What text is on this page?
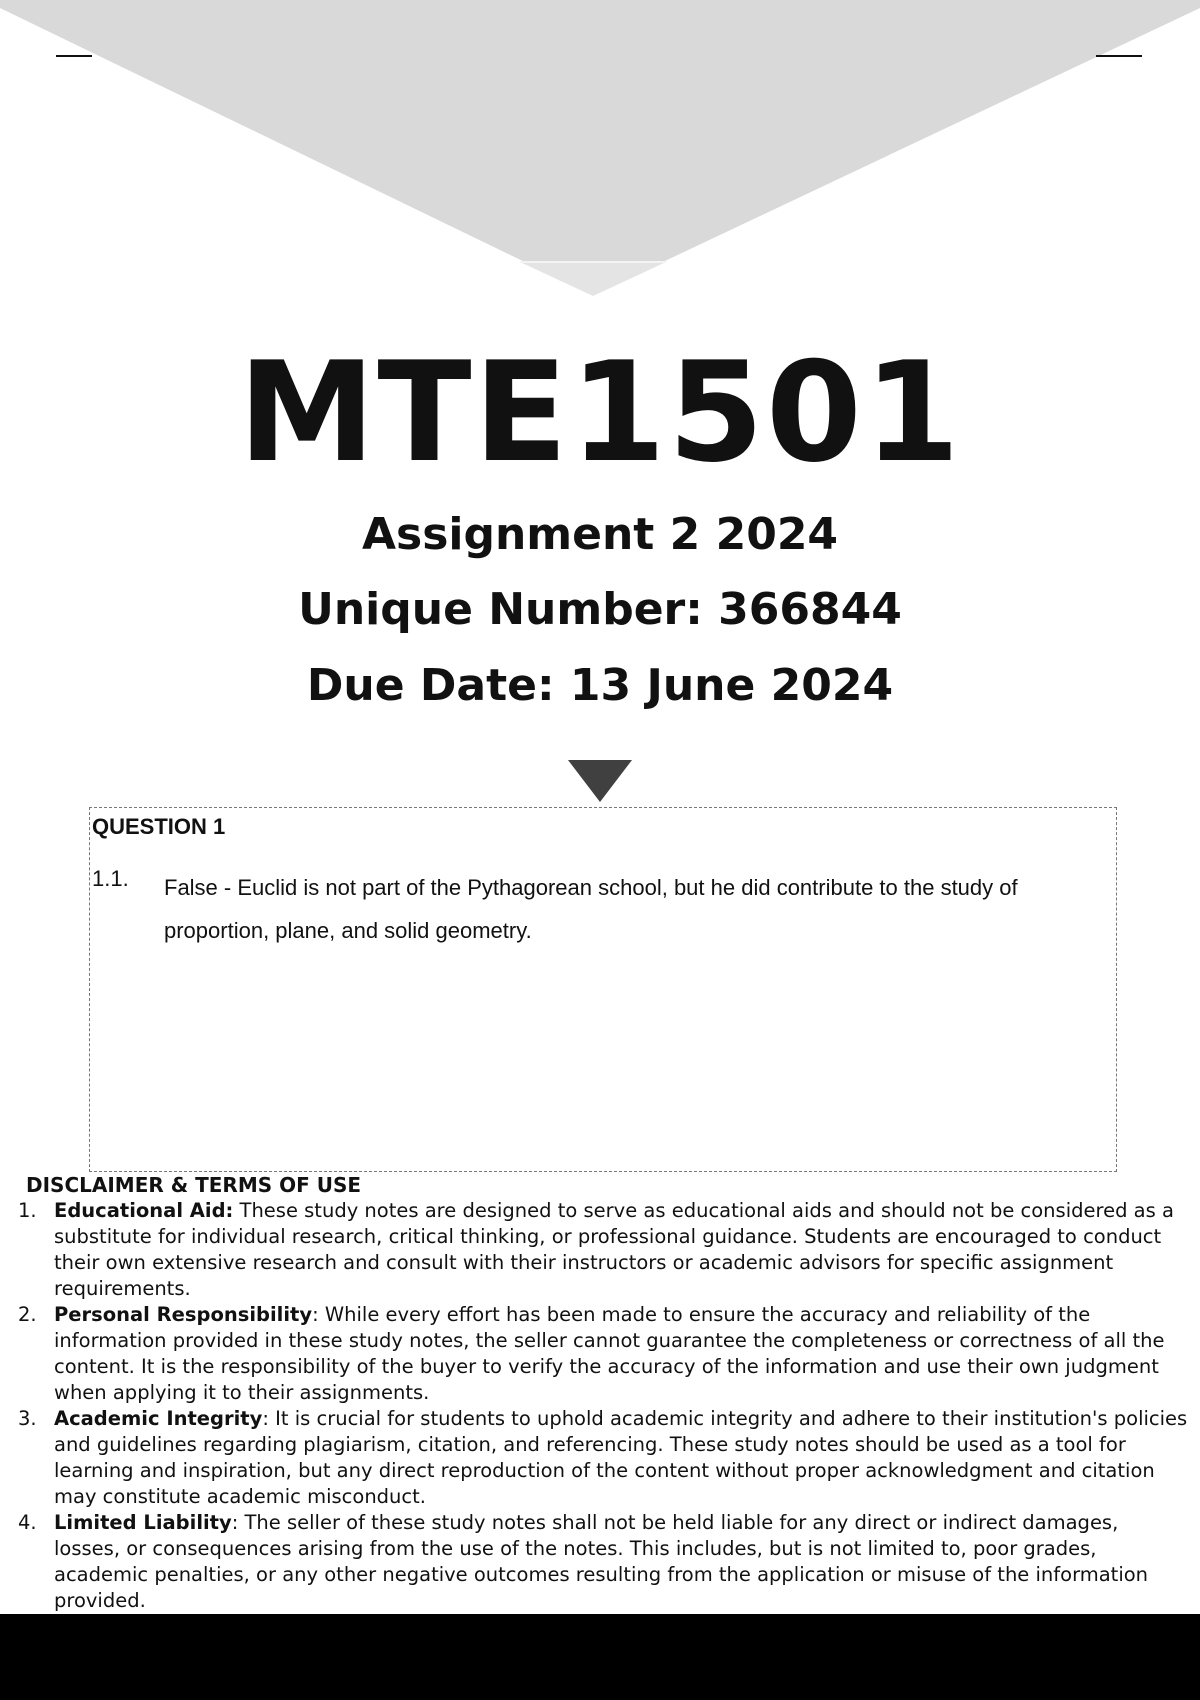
MTE1501
Assignment 2 2024
Unique Number: 366844
Due Date: 13 June 2024
QUESTION 1
1.1. False - Euclid is not part of the Pythagorean school, but he did contribute to the study of proportion, plane, and solid geometry.
DISCLAIMER & TERMS OF USE
1. Educational Aid: These study notes are designed to serve as educational aids and should not be considered as a substitute for individual research, critical thinking, or professional guidance. Students are encouraged to conduct their own extensive research and consult with their instructors or academic advisors for specific assignment requirements.
2. Personal Responsibility: While every effort has been made to ensure the accuracy and reliability of the information provided in these study notes, the seller cannot guarantee the completeness or correctness of all the content. It is the responsibility of the buyer to verify the accuracy of the information and use their own judgment when applying it to their assignments.
3. Academic Integrity: It is crucial for students to uphold academic integrity and adhere to their institution's policies and guidelines regarding plagiarism, citation, and referencing. These study notes should be used as a tool for learning and inspiration, but any direct reproduction of the content without proper acknowledgment and citation may constitute academic misconduct.
4. Limited Liability: The seller of these study notes shall not be held liable for any direct or indirect damages, losses, or consequences arising from the use of the notes. This includes, but is not limited to, poor grades, academic penalties, or any other negative outcomes resulting from the application or misuse of the information provided.
